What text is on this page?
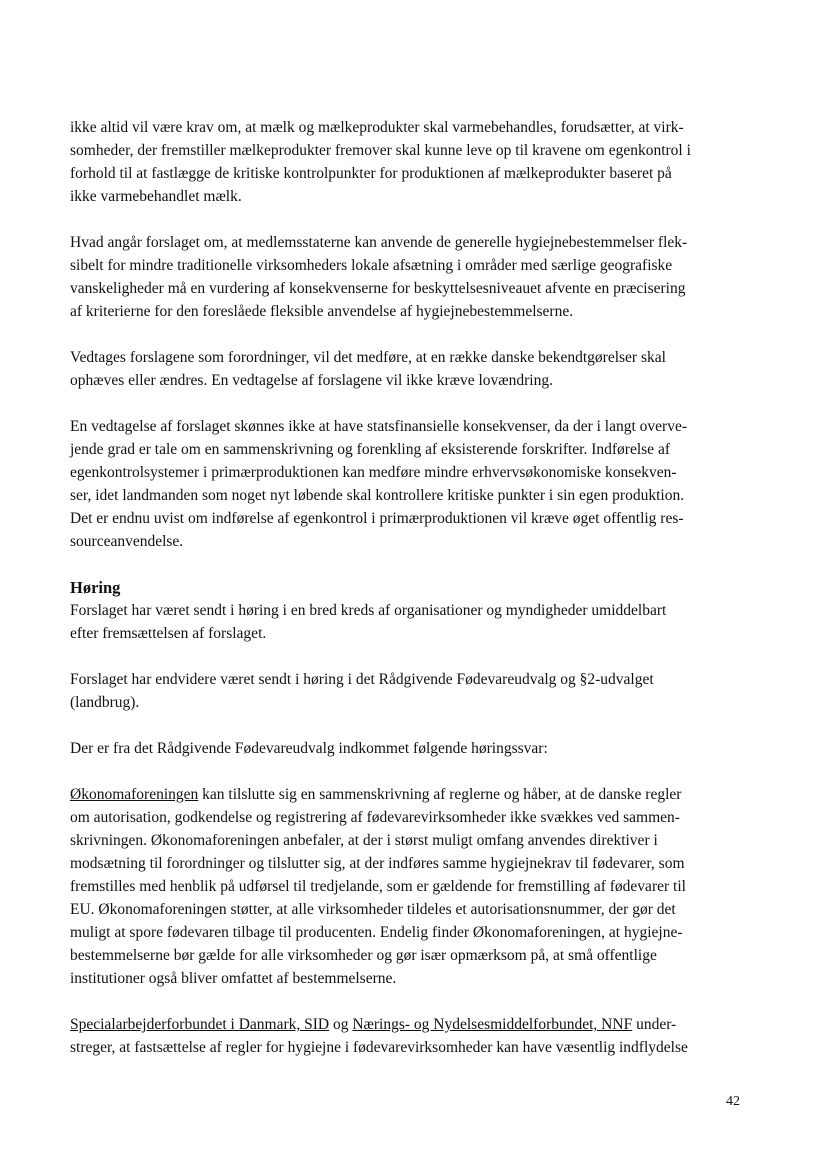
ikke altid vil være krav om, at mælk og mælkeprodukter skal varmebehandles, forudsætter, at virk-
somheder, der fremstiller mælkeprodukter fremover skal kunne leve op til kravene om egenkontrol i
forhold til at fastlægge de kritiske kontrolpunkter for produktionen af mælkeprodukter baseret på
ikke varmebehandlet mælk.
Hvad angår forslaget om, at medlemsstaterne kan anvende de generelle hygiejnebestemmelser flek-
sibelt for mindre traditionelle virksomheders lokale afsætning i områder med særlige geografiske
vanskeligheder må en vurdering af konsekvenserne for beskyttelsesniveauet afvente en præcisering
af kriterierne for den foreslåede fleksible anvendelse af hygiejnebestemmelserne.
Vedtages forslagene som forordninger, vil det medføre, at en række danske bekendtgørelser skal
ophæves eller ændres. En vedtagelse af forslagene vil ikke kræve lovændring.
En vedtagelse af forslaget skønnes ikke at have statsfinansielle konsekvenser, da der i langt overve-
jende grad er tale om en sammenskrivning og forenkling af eksisterende forskrifter. Indførelse af
egenkontrolsystemer i primærproduktionen kan medføre mindre erhvervsøkonomiske konsekven-
ser, idet landmanden som noget nyt løbende skal kontrollere kritiske punkter i sin egen produktion.
Det er endnu uvist om indførelse af egenkontrol i primærproduktionen vil kræve øget offentlig res-
sourceanvendelse.
Høring
Forslaget har været sendt i høring i en bred kreds af organisationer og myndigheder umiddelbart
efter fremsættelsen af forslaget.
Forslaget har endvidere været sendt i høring i det Rådgivende Fødevareudvalg og §2-udvalget
(landbrug).
Der er fra det Rådgivende Fødevareudvalg indkommet følgende høringssvar:
Økonomaforeningen kan tilslutte sig en sammenskrivning af reglerne og håber, at de danske regler
om autorisation, godkendelse og registrering af fødevarevirksomheder ikke svækkes ved sammen-
skrivningen. Økonomaforeningen anbefaler, at der i størst muligt omfang anvendes direktiver i
modsætning til forordninger og tilslutter sig, at der indføres samme hygiejnekrav til fødevarer, som
fremstilles med henblik på udførsel til tredjelande, som er gældende for fremstilling af fødevarer til
EU. Økonomaforeningen støtter, at alle virksomheder tildeles et autorisationsnummer, der gør det
muligt at spore fødevaren tilbage til producenten. Endelig finder Økonomaforeningen, at hygiejne-
bestemmelserne bør gælde for alle virksomheder og gør især opmærksom på, at små offentlige
institutioner også bliver omfattet af bestemmelserne.
Specialarbejderforbundet i Danmark, SID og Nærings- og Nydelsesmiddelforbundet, NNF under-
streger, at fastsættelse af regler for hygiejne i fødevarevirksomheder kan have væsentlig indflydelse
42
